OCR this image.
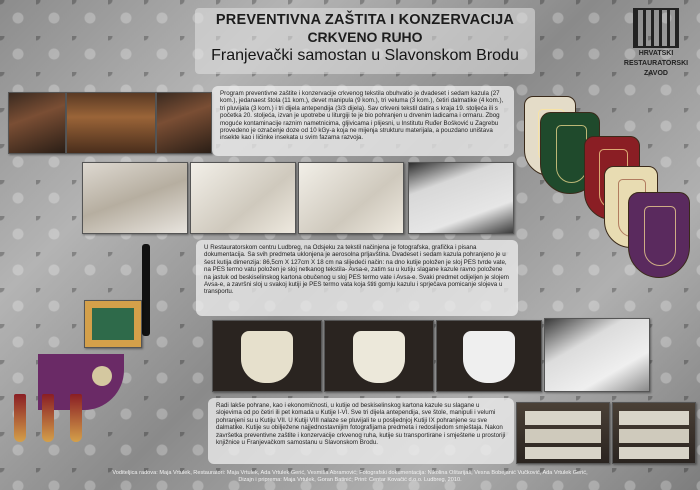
PREVENTIVNA ZAŠTITA I KONZERVACIJA
CRKVENO RUHO
Franjevački samostan u Slavonskom Brodu	HRVATSKI
RESTAURATORSKI
ZAVOD
Program preventivne zaštite i konzervacije crkvenog tekstila obuhvatio je dvadeset i sedam kazula (27 kom.), jedanaest štola (11 kom.), devet manipula (9 kom.), tri veluma (3 kom.), četiri dalmatike (4 kom.), tri pluvijala (3 kom.) i tri dijela antependija (3/3 dijela). Sav crkveni tekstil datira s kraja 19. stoljeća ili s početka 20. stoljeća, izvan je upotrebe u liturgiji te je bio pohranjen u drvenim ladicama i ormaru. Zbog moguće kontaminacije raznim nametnicima, gljivicama i plijesni, u Institutu Ruđer Bošković u Zagrebu provedeno je ozračenje doze od 10 kGy-a koja ne mijenja strukturu materijala, a pouzdano uništava insekte kao i ličinke insekata u svim fazama razvoja.
U Restauratorskom centru Ludbreg, na Odsjeku za tekstil načinjena je fotografska, grafička i pisana dokumentacija. Sa svih predmeta uklonjena je aerosolna prljavština. Dvadeset i sedam kazula pohranjeno je u šest kutija dimenzija: 86,5cm X 127cm X 18 cm na slijedeći način: na dno kutije položen je sloj PES tvrde vate, na PES termo vatu položen je sloj netkanog tekstila- Avsa-e, zatim su u kutiju slagane kazule ravno položene na jastuk od beskiselinskog kartona obučenog u sloj PES termo vate i Avsa-e. Svaki predmet odijeljen je slojem Avsa-e, a završni sloj u svakoj kutiji je PES termo vata koja štiti gornju kazulu i sprječava pomicanje slojeva u transportu.
Radi lakše pohrane, kao i ekonomičnosti, u kutije od beskiselinskog kartona kazule su slagane u slojevima od po četiri ili pet komada u Kutije I-VI. Sve tri dijela antependija, sve štole, manipuli i velumi pohranjeni su u Kutiju VII. U Kutiji VIII nalaze se pluvijali te u posljednjoj Kutiji IX pohranjene su sve dalmatike. Kutije su obilježene najjednostavnijim fotografijama predmeta i redoslijedom smještaja. Nakon završetka preventivne zaštite i konzervacije crkvenog ruha, kutije su transportirane i smještene u prostoriji knjižnice u Franjevačkom samostanu u Slavonskom Brodu.
Voditeljica radova: Maja Vrtulek, Restauratori: Maja Vrtulek, Ada Vrtulek Gerić, Vesmiša Abramović; Fotografski dokumentacija: Nikolina Oštarijaš, Vesna Bobejanić Vučković, Ada Vrtulek Gerić,
Dizajn i priprema: Maja Vrtulek, Goran Batinić; Print: Centar Kovačić d.o.o. Ludbreg, 2010.
